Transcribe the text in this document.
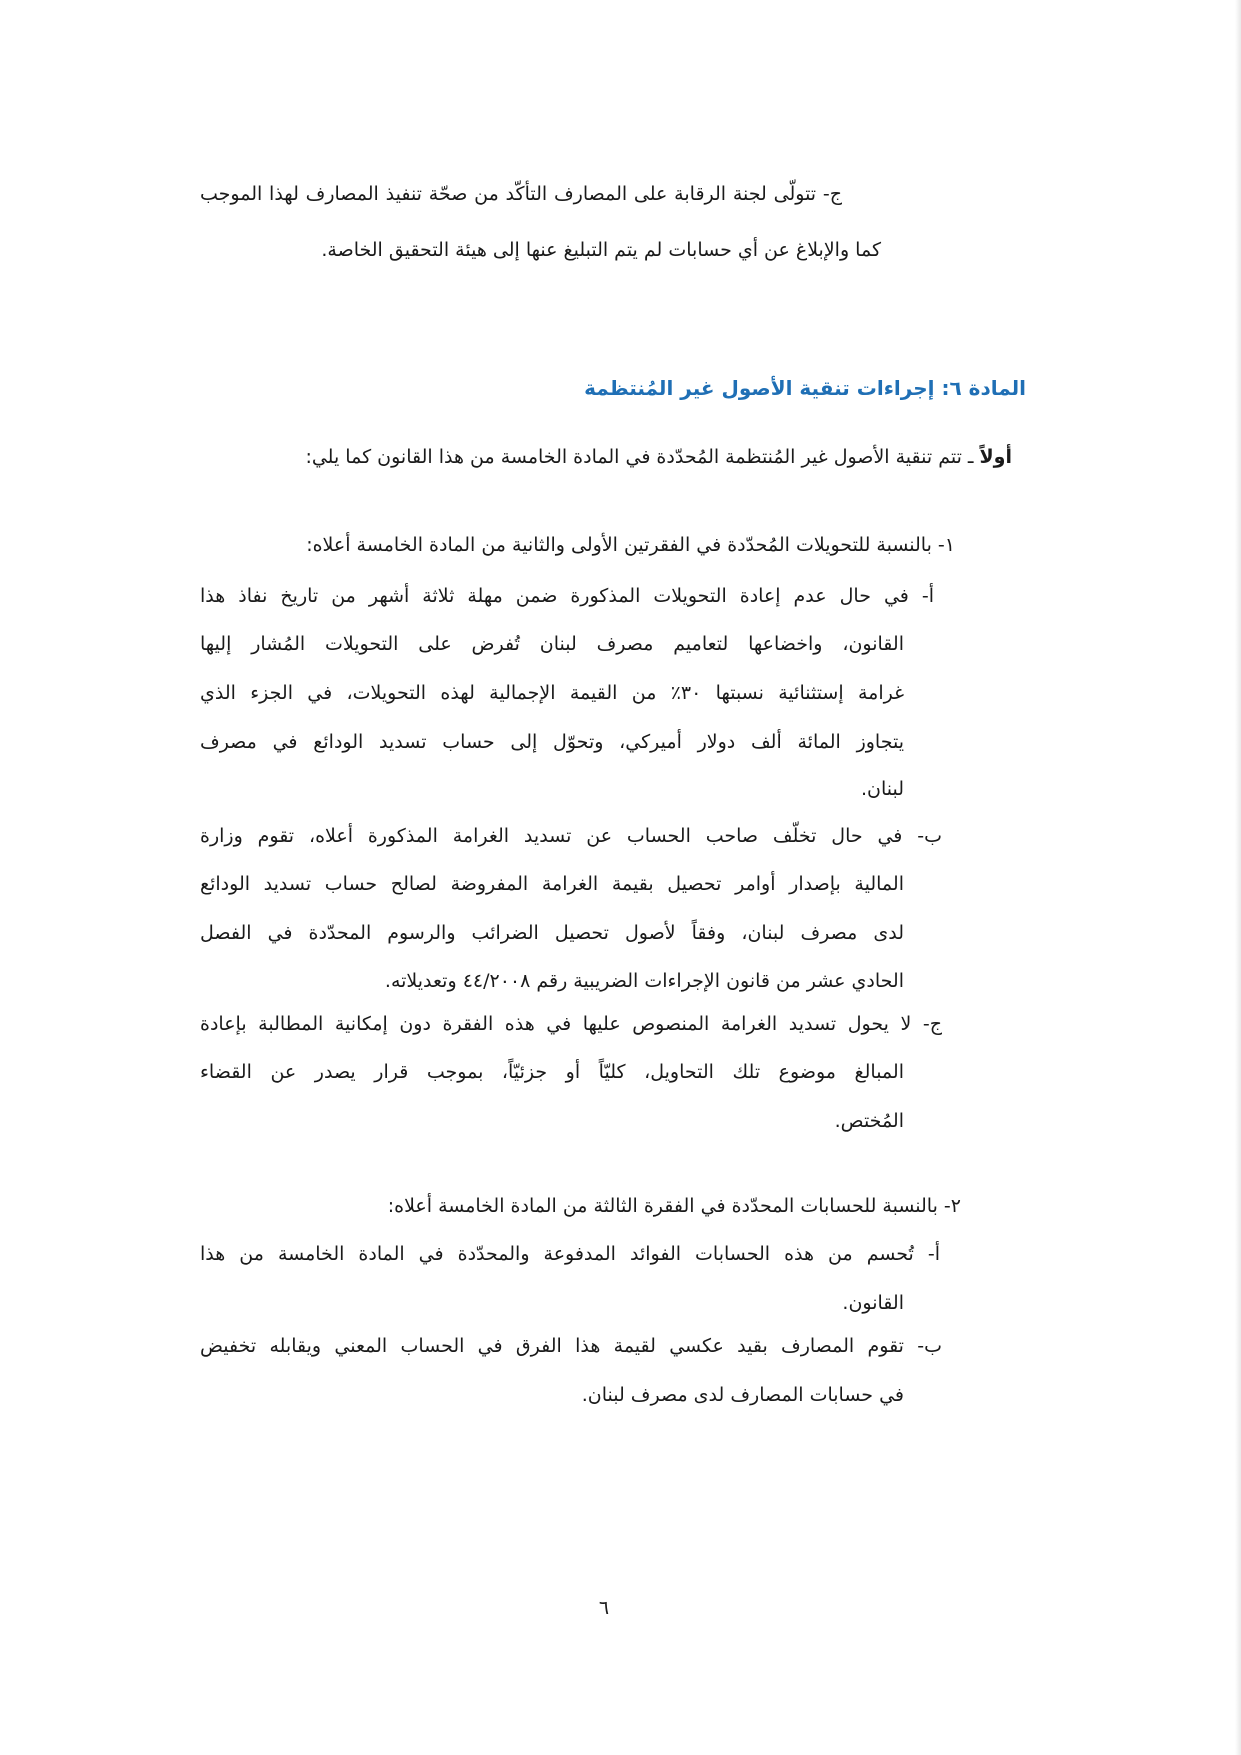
ج- تتولّى لجنة الرقابة على المصارف التأكّد من صحّة تنفيذ المصارف لهذا الموجب
كما والإبلاغ عن أي حسابات لم يتم التبليغ عنها إلى هيئة التحقيق الخاصة.
المادة ٦: إجراءات تنقية الأصول غير المُنتظمة
أولاً ـ تتم تنقية الأصول غير المُنتظمة المُحدّدة في المادة الخامسة من هذا القانون كما يلي:
١- بالنسبة للتحويلات المُحدّدة في الفقرتين الأولى والثانية من المادة الخامسة أعلاه:
أ- في حال عدم إعادة التحويلات المذكورة ضمن مهلة ثلاثة أشهر من تاريخ نفاذ هذا
القانون، واخضاعها لتعاميم مصرف لبنان تُفرض على التحويلات المُشار إليها
غرامة إستثنائية نسبتها ٣٠٪ من القيمة الإجمالية لهذه التحويلات، في الجزء الذي
يتجاوز المائة ألف دولار أميركي، وتحوّل إلى حساب تسديد الودائع في مصرف
لبنان.
ب- في حال تخلّف صاحب الحساب عن تسديد الغرامة المذكورة أعلاه، تقوم وزارة
المالية بإصدار أوامر تحصيل بقيمة الغرامة المفروضة لصالح حساب تسديد الودائع
لدى مصرف لبنان، وفقاً لأصول تحصيل الضرائب والرسوم المحدّدة في الفصل
الحادي عشر من قانون الإجراءات الضريبية رقم ٤٤/٢٠٠٨ وتعديلاته.
ج- لا يحول تسديد الغرامة المنصوص عليها في هذه الفقرة دون إمكانية المطالبة بإعادة
المبالغ موضوع تلك التحاويل، كليّاً أو جزئيّاً، بموجب قرار يصدر عن القضاء
المُختص.
٢- بالنسبة للحسابات المحدّدة في الفقرة الثالثة من المادة الخامسة أعلاه:
أ- تُحسم من هذه الحسابات الفوائد المدفوعة والمحدّدة في المادة الخامسة من هذا
القانون.
ب- تقوم المصارف بقيد عكسي لقيمة هذا الفرق في الحساب المعني ويقابله تخفيض
في حسابات المصارف لدى مصرف لبنان.
٦
